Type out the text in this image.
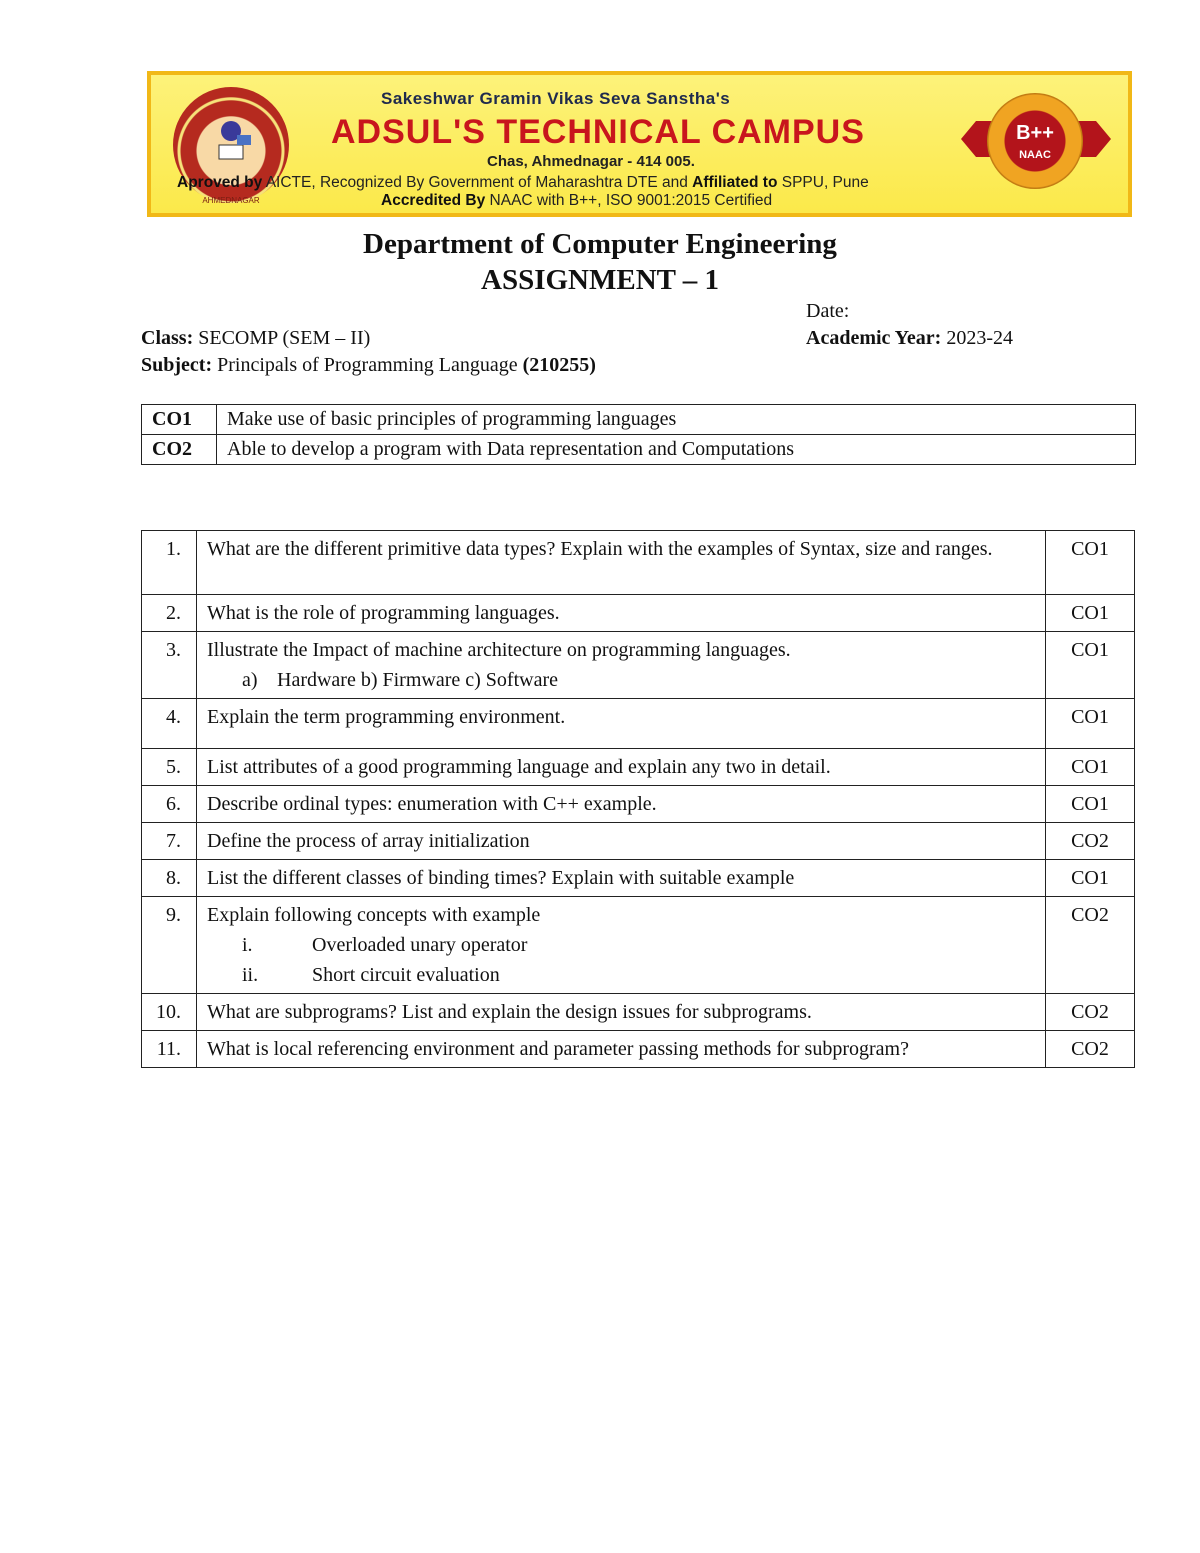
AHMEDNAGAR
Sakeshwar Gramin Vikas Seva Sanstha's
ADSUL'S TECHNICAL CAMPUS
Chas, Ahmednagar - 414 005.
Aproved by AICTE, Recognized By Government of Maharashtra DTE and Affiliated to SPPU, Pune
Accredited By NAAC with B++, ISO 9001:2015 Certified
B++
NAAC
Department of Computer Engineering
ASSIGNMENT – 1
Date:
Class: SECOMP (SEM – II)	Academic Year: 2023-24
Subject: Principals of Programming Language (210255)
CO1	Make use of basic principles of programming languages
CO2	Able to develop a program with Data representation and Computations
1.	What are the different primitive data types? Explain with the examples of Syntax, size and ranges.	CO1
2.	What is the role of programming languages.	CO1
3.	Illustrate the Impact of machine architecture on programming languages.
a) Hardware b) Firmware c) Software	CO1
4.	Explain the term programming environment.	CO1
5.	List attributes of a good programming language and explain any two in detail.	CO1
6.	Describe ordinal types: enumeration with C++ example.	CO1
7.	Define the process of array initialization	CO2
8.	List the different classes of binding times? Explain with suitable example	CO1
9.	Explain following concepts with example
i. Overloaded unary operator
ii. Short circuit evaluation	CO2
10.	What are subprograms? List and explain the design issues for subprograms.	CO2
11.	What is local referencing environment and parameter passing methods for subprogram?	CO2
